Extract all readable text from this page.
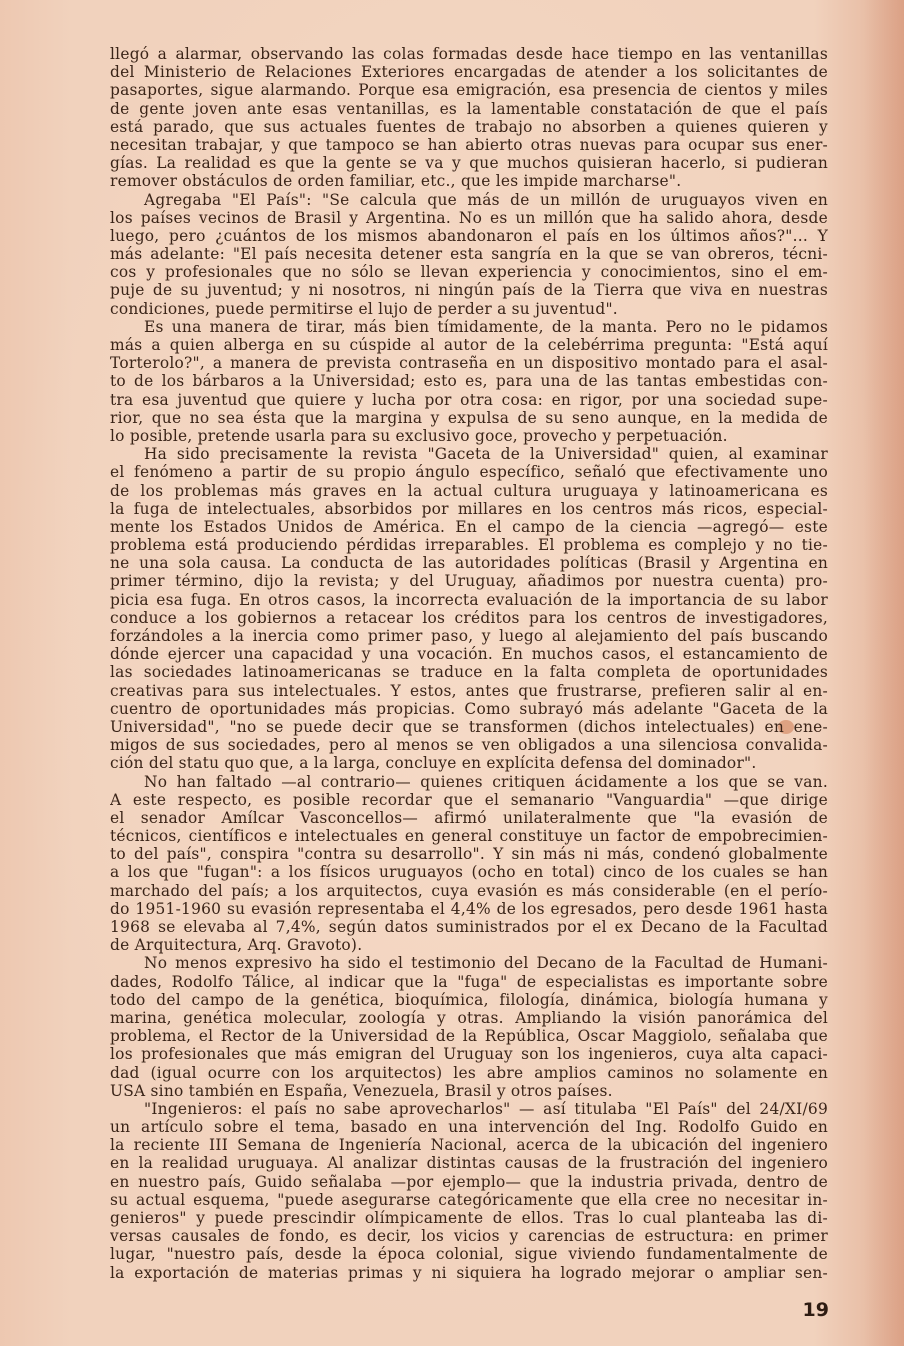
llegó a alarmar, observando las colas formadas desde hace tiempo en las ventanillas
del Ministerio de Relaciones Exteriores encargadas de atender a los solicitantes de
pasaportes, sigue alarmando. Porque esa emigración, esa presencia de cientos y miles
de gente joven ante esas ventanillas, es la lamentable constatación de que el país
está parado, que sus actuales fuentes de trabajo no absorben a quienes quieren y
necesitan trabajar, y que tampoco se han abierto otras nuevas para ocupar sus ener-
gías. La realidad es que la gente se va y que muchos quisieran hacerlo, si pudieran
remover obstáculos de orden familiar, etc., que les impide marcharse".
Agregaba "El País": "Se calcula que más de un millón de uruguayos viven en
los países vecinos de Brasil y Argentina. No es un millón que ha salido ahora, desde
luego, pero ¿cuántos de los mismos abandonaron el país en los últimos años?"... Y
más adelante: "El país necesita detener esta sangría en la que se van obreros, técni-
cos y profesionales que no sólo se llevan experiencia y conocimientos, sino el em-
puje de su juventud; y ni nosotros, ni ningún país de la Tierra que viva en nuestras
condiciones, puede permitirse el lujo de perder a su juventud".
Es una manera de tirar, más bien tímidamente, de la manta. Pero no le pidamos
más a quien alberga en su cúspide al autor de la celebérrima pregunta: "Está aquí
Torterolo?", a manera de prevista contraseña en un dispositivo montado para el asal-
to de los bárbaros a la Universidad; esto es, para una de las tantas embestidas con-
tra esa juventud que quiere y lucha por otra cosa: en rigor, por una sociedad supe-
rior, que no sea ésta que la margina y expulsa de su seno aunque, en la medida de
lo posible, pretende usarla para su exclusivo goce, provecho y perpetuación.
Ha sido precisamente la revista "Gaceta de la Universidad" quien, al examinar
el fenómeno a partir de su propio ángulo específico, señaló que efectivamente uno
de los problemas más graves en la actual cultura uruguaya y latinoamericana es
la fuga de intelectuales, absorbidos por millares en los centros más ricos, especial-
mente los Estados Unidos de América. En el campo de la ciencia —agregó— este
problema está produciendo pérdidas irreparables. El problema es complejo y no tie-
ne una sola causa. La conducta de las autoridades políticas (Brasil y Argentina en
primer término, dijo la revista; y del Uruguay, añadimos por nuestra cuenta) pro-
picia esa fuga. En otros casos, la incorrecta evaluación de la importancia de su labor
conduce a los gobiernos a retacear los créditos para los centros de investigadores,
forzándoles a la inercia como primer paso, y luego al alejamiento del país buscando
dónde ejercer una capacidad y una vocación. En muchos casos, el estancamiento de
las sociedades latinoamericanas se traduce en la falta completa de oportunidades
creativas para sus intelectuales. Y estos, antes que frustrarse, prefieren salir al en-
cuentro de oportunidades más propicias. Como subrayó más adelante "Gaceta de la
Universidad", "no se puede decir que se transformen (dichos intelectuales) en ene-
migos de sus sociedades, pero al menos se ven obligados a una silenciosa convalida-
ción del statu quo que, a la larga, concluye en explícita defensa del dominador".
No han faltado —al contrario— quienes critiquen ácidamente a los que se van.
A este respecto, es posible recordar que el semanario "Vanguardia" —que dirige
el senador Amílcar Vasconcellos— afirmó unilateralmente que "la evasión de
técnicos, científicos e intelectuales en general constituye un factor de empobrecimien-
to del país", conspira "contra su desarrollo". Y sin más ni más, condenó globalmente
a los que "fugan": a los físicos uruguayos (ocho en total) cinco de los cuales se han
marchado del país; a los arquitectos, cuya evasión es más considerable (en el perío-
do 1951-1960 su evasión representaba el 4,4% de los egresados, pero desde 1961 hasta
1968 se elevaba al 7,4%, según datos suministrados por el ex Decano de la Facultad
de Arquitectura, Arq. Gravoto).
No menos expresivo ha sido el testimonio del Decano de la Facultad de Humani-
dades, Rodolfo Tálice, al indicar que la "fuga" de especialistas es importante sobre
todo del campo de la genética, bioquímica, filología, dinámica, biología humana y
marina, genética molecular, zoología y otras. Ampliando la visión panorámica del
problema, el Rector de la Universidad de la República, Oscar Maggiolo, señalaba que
los profesionales que más emigran del Uruguay son los ingenieros, cuya alta capaci-
dad (igual ocurre con los arquitectos) les abre amplios caminos no solamente en
USA sino también en España, Venezuela, Brasil y otros países.
"Ingenieros: el país no sabe aprovecharlos" — así titulaba "El País" del 24/XI/69
un artículo sobre el tema, basado en una intervención del Ing. Rodolfo Guido en
la reciente III Semana de Ingeniería Nacional, acerca de la ubicación del ingeniero
en la realidad uruguaya. Al analizar distintas causas de la frustración del ingeniero
en nuestro país, Guido señalaba —por ejemplo— que la industria privada, dentro de
su actual esquema, "puede asegurarse categóricamente que ella cree no necesitar in-
genieros" y puede prescindir olímpicamente de ellos. Tras lo cual planteaba las di-
versas causales de fondo, es decir, los vicios y carencias de estructura: en primer
lugar, "nuestro país, desde la época colonial, sigue viviendo fundamentalmente de
la exportación de materias primas y ni siquiera ha logrado mejorar o ampliar sen-
19
